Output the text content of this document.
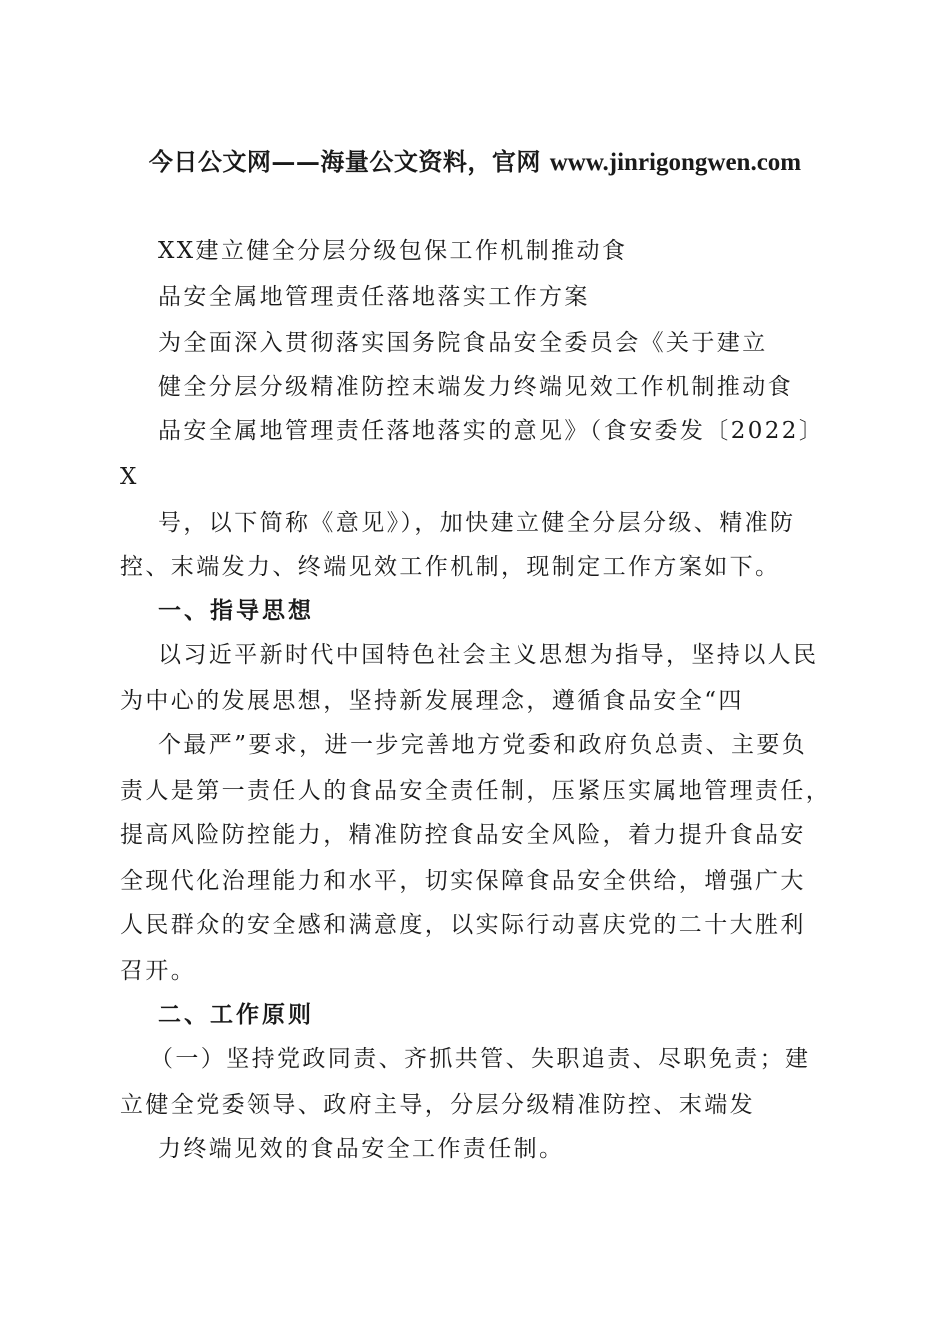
今日公文网——海量公文资料，官网 www.jinrigongwen.com
XX建立健全分层分级包保工作机制推动食
品安全属地管理责任落地落实工作方案
为全面深入贯彻落实国务院食品安全委员会《关于建立
健全分层分级精准防控末端发力终端见效工作机制推动食
品安全属地管理责任落地落实的意见》（食安委发〔2022〕
X
号，以下简称《意见》），加快建立健全分层分级、精准防
控、末端发力、终端见效工作机制，现制定工作方案如下。
一、指导思想
以习近平新时代中国特色社会主义思想为指导，坚持以人民
为中心的发展思想，坚持新发展理念，遵循食品安全“四
个最严”要求，进一步完善地方党委和政府负总责、主要负
责人是第一责任人的食品安全责任制，压紧压实属地管理责任，
提高风险防控能力，精准防控食品安全风险，着力提升食品安
全现代化治理能力和水平，切实保障食品安全供给，增强广大
人民群众的安全感和满意度，以实际行动喜庆党的二十大胜利
召开。
二、工作原则
（一）坚持党政同责、齐抓共管、失职追责、尽职免责；建
立健全党委领导、政府主导，分层分级精准防控、末端发
力终端见效的食品安全工作责任制。
